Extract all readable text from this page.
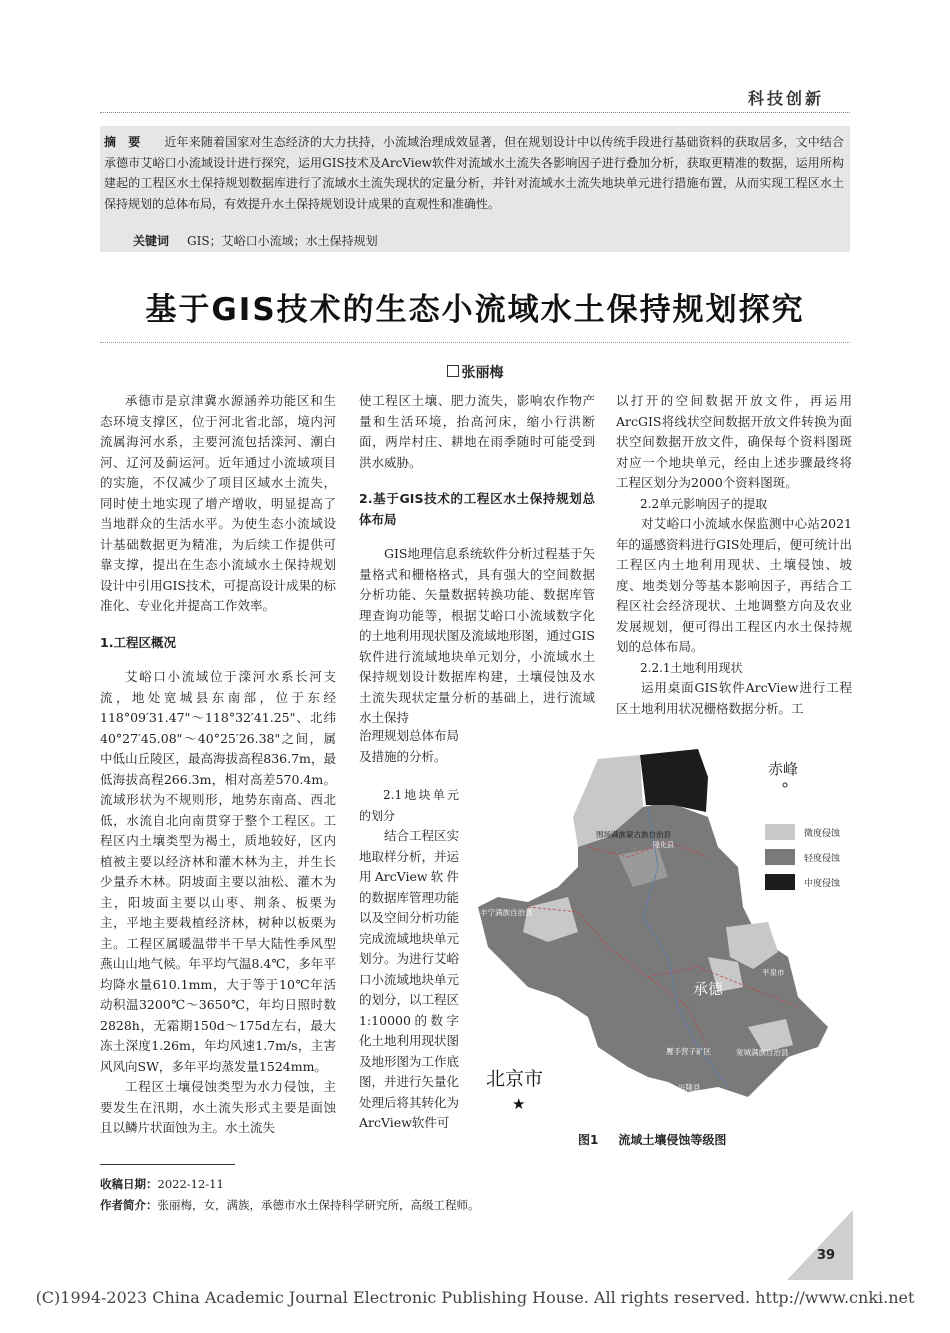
科技创新

摘　要 近年来随着国家对生态经济的大力扶持，小流域治理成效显著，但在规划设计中以传统手段进行基础资料的获取居多，文中结合承德市艾峪口小流域设计进行探究，运用GIS技术及ArcView软件对流域水土流失各影响因子进行叠加分析，获取更精准的数据，运用所构建起的工程区水土保持规划数据库进行了流域水土流失现状的定量分析，并针对流域水土流失地块单元进行措施布置，从而实现工程区水土保持规划的总体布局，有效提升水土保持规划设计成果的直观性和准确性。

关键词 GIS；艾峪口小流域；水土保持规划
基于GIS技术的生态小流域水土保持规划探究
张丽梅

承德市是京津冀水源涵养功能区和生态环境支撑区，位于河北省北部，境内河流属海河水系，主要河流包括滦河、潮白河、辽河及蓟运河。近年通过小流域项目的实施，不仅减少了项目区域水土流失，同时使土地实现了增产增收，明显提高了当地群众的生活水平。为使生态小流域设计基础数据更为精准，为后续工作提供可靠支撑，提出在生态小流域水土保持规划设计中引用GIS技术，可提高设计成果的标准化、专业化并提高工作效率。

1.工程区概况

艾峪口小流域位于滦河水系长河支流，地处宽城县东南部，位于东经118°09′31.47"～118°32′41.25"、北纬40°27′45.08"～40°25′26.38"之间，属中低山丘陵区，最高海拔高程836.7m，最低海拔高程266.3m，相对高差570.4m。流域形状为不规则形，地势东南高、西北低，水流自北向南贯穿于整个工程区。工程区内土壤类型为褐土，质地较好，区内植被主要以经济林和灌木林为主，并生长少量乔木林。阴坡面主要以油松、灌木为主，阳坡面主要以山枣、荆条、板栗为主，平地主要栽植经济林，树种以板栗为主。工程区属暖温带半干旱大陆性季风型燕山山地气候。年平均气温8.4℃，多年平均降水量610.1mm，大于等于10℃年活动积温3200℃～3650℃，年均日照时数2828h，无霜期150d～175d左右，最大冻土深度1.26m，年均风速1.7m/s，主害风风向SW，多年平均蒸发量1524mm。

工程区土壤侵蚀类型为水力侵蚀，主要发生在汛期，水土流失形式主要是面蚀且以鳞片状面蚀为主。水土流失

使工程区土壤、肥力流失，影响农作物产量和生活环境，抬高河床，缩小行洪断面，两岸村庄、耕地在雨季随时可能受到洪水威胁。

2.基于GIS技术的工程区水土保持规划总体布局

GIS地理信息系统软件分析过程基于矢量格式和栅格格式，具有强大的空间数据分析功能、矢量数据转换功能、数据库管理查询功能等，根据艾峪口小流域数字化的土地利用现状图及流域地形图，通过GIS软件进行流域地块单元划分，小流域水土保持规划设计数据库构建，土壤侵蚀及水土流失现状定量分析的基础上，进行流域水土保持

治理规划总体布局及措施的分析。

2.1地块单元的划分

结合工程区实地取样分析，并运用ArcView软件的数据库管理功能以及空间分析功能完成流域地块单元划分。为进行艾峪口小流域地块单元的划分，以工程区1:10000的数字化土地利用现状图及地形图为工作底图，并进行矢量化处理后将其转化为ArcView软件可

以打开的空间数据开放文件，再运用ArcGIS将线状空间数据开放文件转换为面状空间数据开放文件，确保每个资料图斑对应一个地块单元，经由上述步骤最终将工程区划分为2000个资料图斑。

2.2单元影响因子的提取

对艾峪口小流域水保监测中心站2021年的遥感资料进行GIS处理后，便可统计出工程区内土地利用现状、土壤侵蚀、坡度、地类划分等基本影响因子，再结合工程区社会经济现状、土地调整方向及农业发展规划，便可得出工程区内水土保持规划的总体布局。

2.2.1土地利用现状

运用桌面GIS软件ArcView进行工程区土地利用状况栅格数据分析。工

微度侵蚀
轻度侵蚀
中度侵蚀
赤峰
围场满族蒙古族自治县
隆化县
丰宁满族自治县
平泉市
承德
鹰手营子矿区	宽城满族自治县
兴隆县
北京市
★
图1 流域土壤侵蚀等级图
收稿日期：2022-12-11
作者简介：张丽梅，女，满族，承德市水土保持科学研究所，高级工程师。
39
(C)1994-2023 China Academic Journal Electronic Publishing House. All rights reserved. http://www.cnki.net
